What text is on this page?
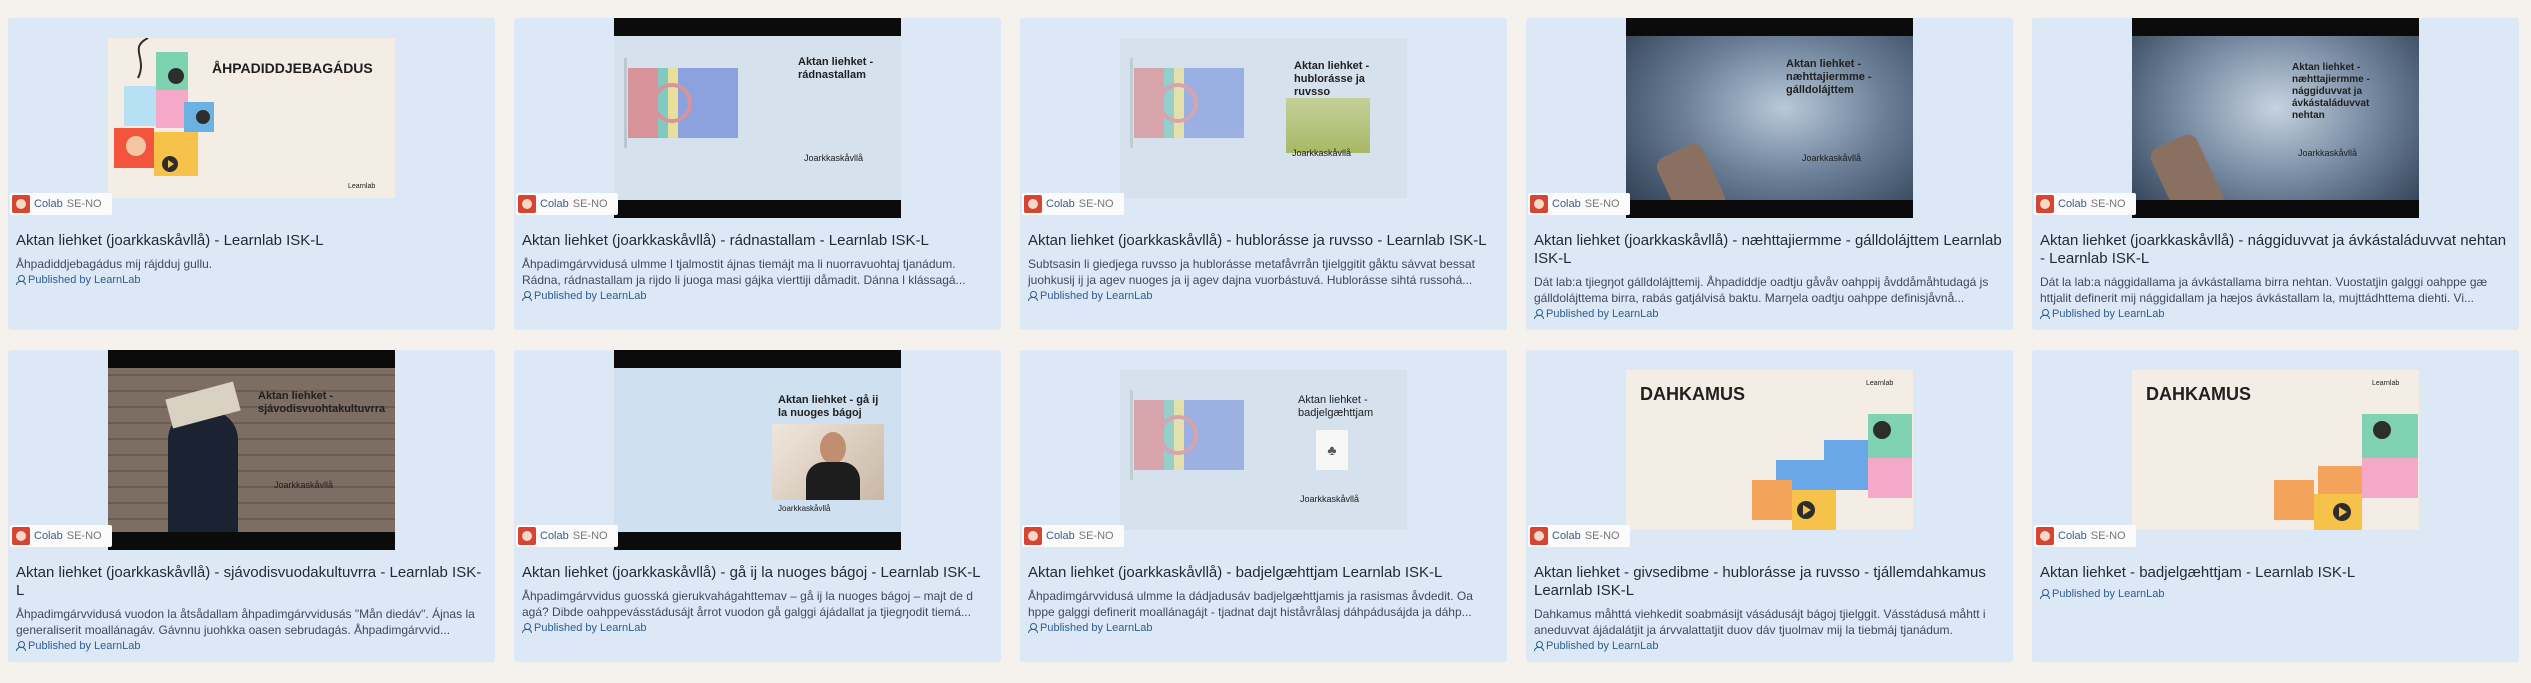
ÅHPADIDDJEBAGÁDUS
Learnlab
Colab SE-NO

Aktan liehket (joarkkaskåvllå) - Learnlab ISK-L

Åhpadiddjebagádus mij rájdduj gullu.

Published by LearnLab
Aktan liehket - rádnastallam
Joarkkaskåvllå
Colab SE-NO

Aktan liehket (joarkkaskåvllå) - rádnastallam - Learnlab ISK-L

Åhpadimgárvvidusá ulmme l tjalmostit ájnas tiemájt ma li nuorravuohtaj tjanádum. Rádna, rádnastallam ja rijdo li juoga masi gájka vierttiji dåmadit. Dánna l klássagá...

Published by LearnLab
Aktan liehket - hublorásse ja ruvsso
Joarkkaskåvllå
Colab SE-NO

Aktan liehket (joarkkaskåvllå) - hublorásse ja ruvsso - Learnlab ISK-L

Subtsasin li giedjega ruvsso ja hublorásse metafåvrrån tjielggitit gåktu sávvat bessat juohkusij ij ja agev nuoges ja ij agev dajna vuorbástuvá. Hublorásse sihtá russohá...

Published by LearnLab
Aktan liehket - næhttajiermme - gálldolájttem
Joarkkaskåvllå
Colab SE-NO

Aktan liehket (joarkkaskåvllå) - næhttajiermme - gálldolájttem Learnlab ISK-L

Dát lab:a tjiegŋot gálldolájttemij. Åhpadiddje oadtju gåvåv oahppij åvddåmåhtudagá js gálldolájttema birra, rabás gatjálvisá baktu. Marŋela oadtju oahppe definisjåvnå...

Published by LearnLab
Aktan liehket - næhttajiermme - nággiduvvat ja ávkástaláduvvat nehtan
Joarkkaskåvllå
Colab SE-NO

Aktan liehket (joarkkaskåvllå) - nággiduvvat ja ávkástaláduvvat nehtan - Learnlab ISK-L

Dát la lab:a nággidallama ja ávkástallama birra nehtan. Vuostatjin galggi oahppe gæ httjalit definerit mij nággidallam ja hæjos ávkástallam la, mujttádhttema diehti. Vi...

Published by LearnLab
Aktan liehket - sjávodisvuohtakultuvrra
Joarkkaskåvllå
Colab SE-NO

Aktan liehket (joarkkaskåvllå) - sjávodisvuodakultuvrra - Learnlab ISK-L

Åhpadimgárvvidusá vuodon la åtsådallam åhpadimgárvvidusás "Mån diedáv". Ájnas la generaliserit moallánagáv. Gávnnu juohkka oasen sebrudagás. Åhpadimgárvvid...

Published by LearnLab
Aktan liehket - gå ij la nuoges bágoj
Joarkkaskåvllå
Colab SE-NO

Aktan liehket (joarkkaskåvllå) - gå ij la nuoges bágoj - Learnlab ISK-L

Åhpadimgárvvidus guosská gierukvahágahttemav – gå ij la nuoges bágoj – majt de d agá? Dibde oahppevásstádusájt årrot vuodon gå galggi ájádallat ja tjiegŋodit tiemá...

Published by LearnLab
Aktan liehket - badjelgæhttjam
♣
Joarkkaskåvllå
Colab SE-NO

Aktan liehket (joarkkaskåvllå) - badjelgæhttjam Learnlab ISK-L

Åhpadimgárvvidusá ulmme la dádjadusáv badjelgæhttjamis ja rasismas åvdedit. Oa hppe galggi definerit moallánagájt - tjadnat dajt histåvrålasj dáhpádusájda ja dáhp...

Published by LearnLab
DAHKAMUS
Learnlab
Colab SE-NO

Aktan liehket - givsedibme - hublorásse ja ruvsso - tjállemdahkamus Learnlab ISK-L

Dahkamus måhttá viehkedit soabmásijt vásádusájt bágoj tjielggit. Vásstádusá måhtt i aneduvvat ájádalátjit ja árvvalattatjit duov dáv tjuolmav mij la tiebmáj tjanádum.

Published by LearnLab
DAHKAMUS
Learnlab
Colab SE-NO

Aktan liehket - badjelgæhttjam - Learnlab ISK-L

Published by LearnLab
